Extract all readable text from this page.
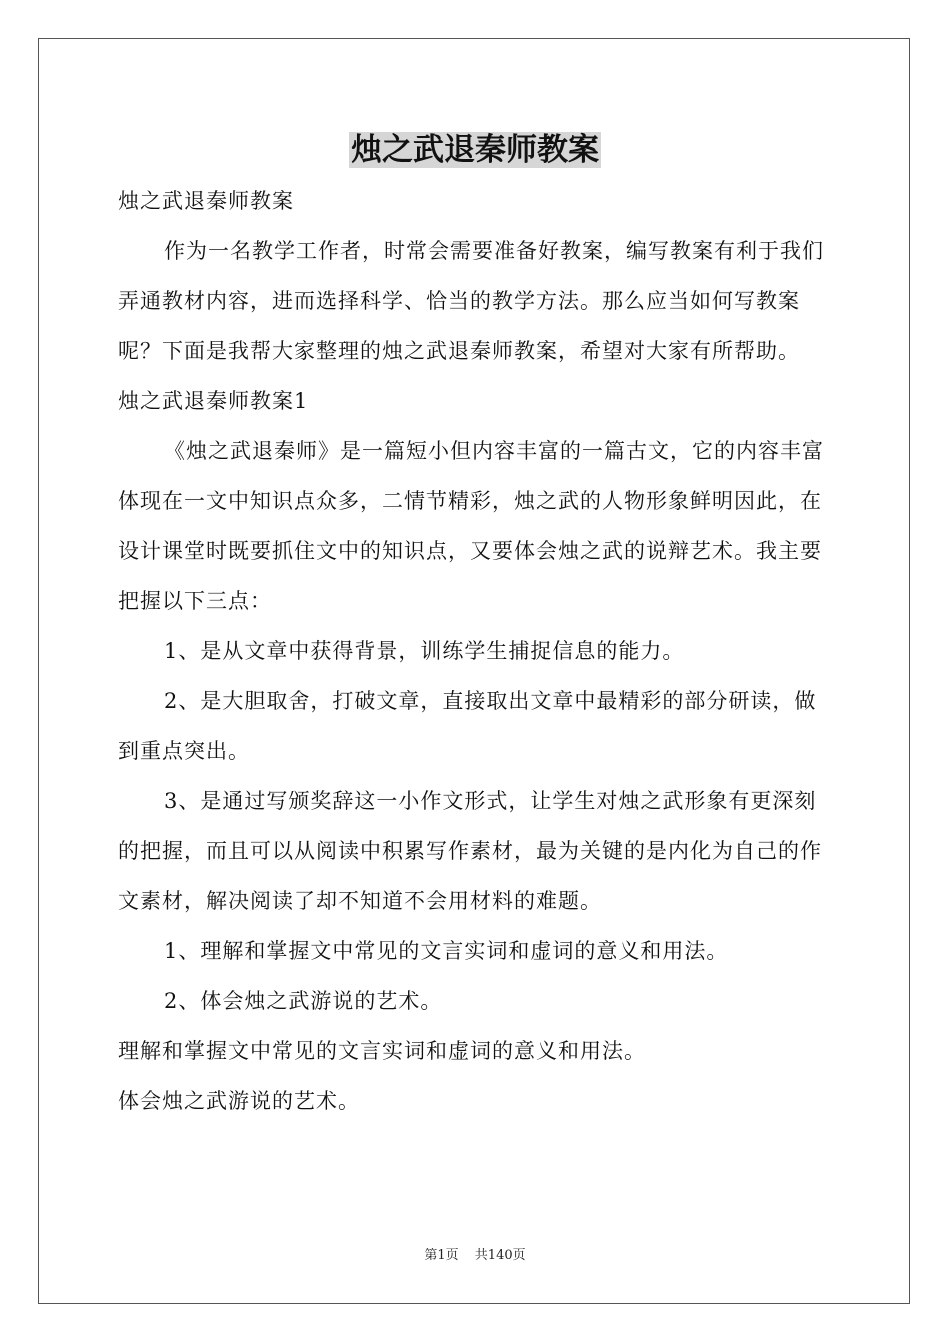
烛之武退秦师教案

烛之武退秦师教案

作为一名教学工作者，时常会需要准备好教案，编写教案有利于我们弄通教材内容，进而选择科学、恰当的教学方法。那么应当如何写教案呢？下面是我帮大家整理的烛之武退秦师教案，希望对大家有所帮助。

烛之武退秦师教案1

《烛之武退秦师》是一篇短小但内容丰富的一篇古文，它的内容丰富体现在一文中知识点众多，二情节精彩，烛之武的人物形象鲜明因此，在设计课堂时既要抓住文中的知识点，又要体会烛之武的说辩艺术。我主要把握以下三点：

1、是从文章中获得背景，训练学生捕捉信息的能力。

2、是大胆取舍，打破文章，直接取出文章中最精彩的部分研读，做到重点突出。

3、是通过写颁奖辞这一小作文形式，让学生对烛之武形象有更深刻的把握，而且可以从阅读中积累写作素材，最为关键的是内化为自己的作文素材，解决阅读了却不知道不会用材料的难题。

1、理解和掌握文中常见的文言实词和虚词的意义和用法。

2、体会烛之武游说的艺术。

理解和掌握文中常见的文言实词和虚词的意义和用法。

体会烛之武游说的艺术。

第1页 共140页
